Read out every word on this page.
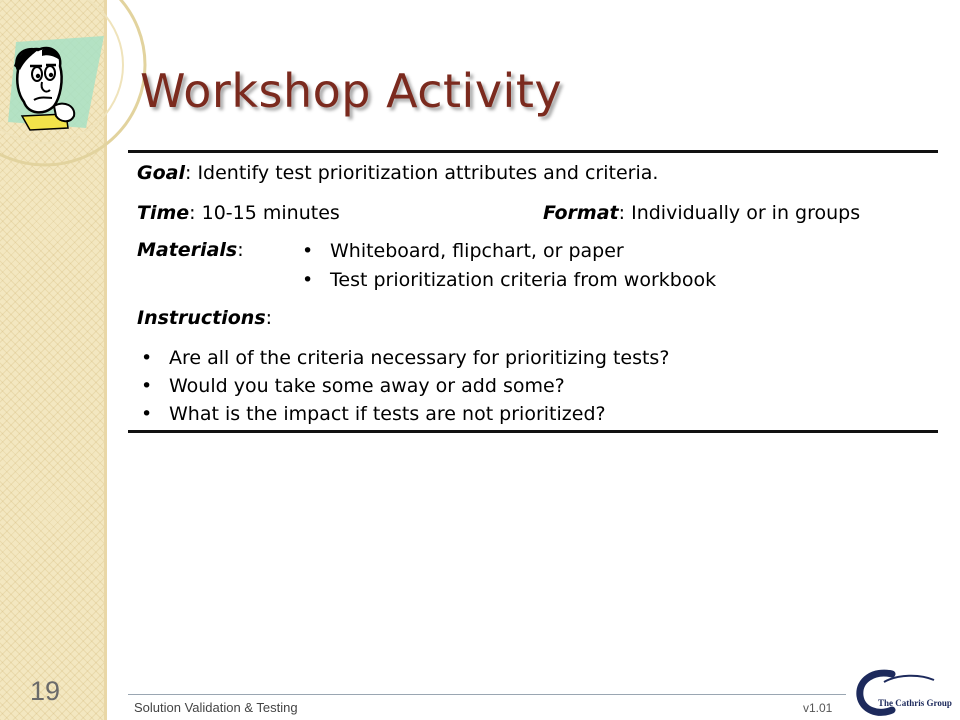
Workshop Activity
Goal: Identify test prioritization attributes and criteria.
Time: 10-15 minutes	Format: Individually or in groups
Materials:	• Whiteboard, flipchart, or paper
• Test prioritization criteria from workbook
Instructions:
• Are all of the criteria necessary for prioritizing tests?
• Would you take some away or add some?
• What is the impact if tests are not prioritized?
19
Solution Validation & Testing	v1.01	The Cathris Group
